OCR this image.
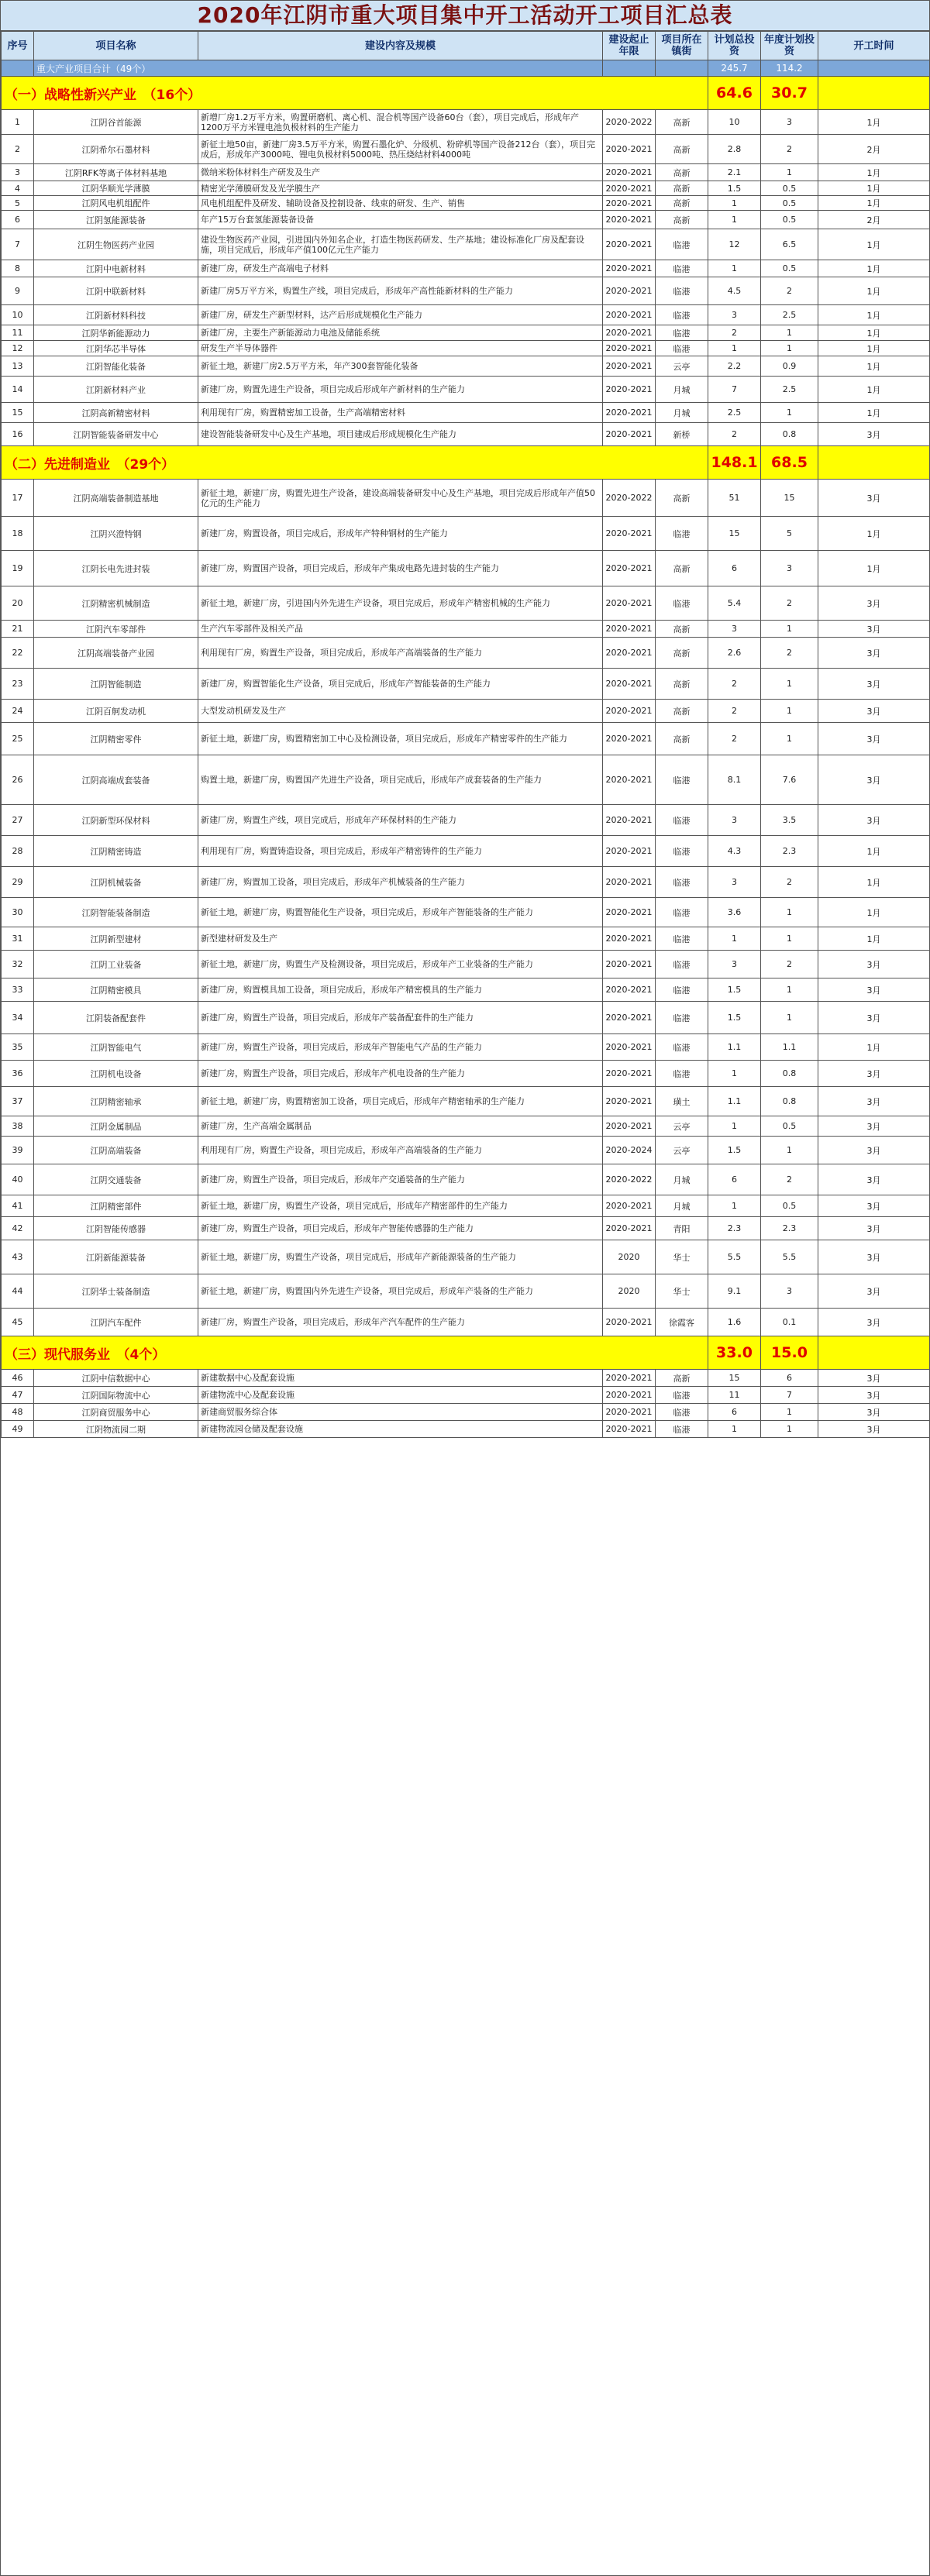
2020年江阴市重大项目集中开工活动开工项目汇总表
序号	项目名称	建设内容及规模	建设起止年限	项目所在镇街	计划总投资	年度计划投资	开工时间
	重大产业项目合计（49个）				245.7	114.2	
（一）战略性新兴产业　（16个）					64.6	30.7	
1	江阴谷首能源	新增厂房1.2万平方米，购置研磨机、离心机、混合机等国产设备60台（套），项目完成后，形成年产1200万平方米锂电池负极材料的生产能力	2020-2022	高新	10	3	1月
2	江阴希尔石墨材料	新征土地50亩，新建厂房3.5万平方米，购置石墨化炉、分级机、粉碎机等国产设备212台（套），项目完成后，形成年产3000吨、锂电负极材料5000吨、热压烧结材料4000吨	2020-2021	高新	2.8	2	2月
3	江阴RFK等离子体材料基地	微纳米粉体材料生产研发及生产	2020-2021	高新	2.1	1	1月
4	江阴华顺光学薄膜	精密光学薄膜研发及光学膜生产	2020-2021	高新	1.5	0.5	1月
5	江阴风电机组配件	风电机组配件及研发、辅助设备及控制设备、线束的研发、生产、销售	2020-2021	高新	1	0.5	1月
6	江阴氢能源装备	年产15万台套氢能源装备设备	2020-2021	高新	1	0.5	2月
7	江阴生物医药产业园	建设生物医药产业园，引进国内外知名企业，打造生物医药研发、生产基地；建设标准化厂房及配套设施，项目完成后，形成年产值100亿元生产能力	2020-2021	临港	12	6.5	1月
8	江阴中电新材料	新建厂房，研发生产高端电子材料	2020-2021	临港	1	0.5	1月
9	江阴中联新材料	新建厂房5万平方米，购置生产线，项目完成后，形成年产高性能新材料的生产能力	2020-2021	临港	4.5	2	1月
10	江阴新材料科技	新建厂房，研发生产新型材料，达产后形成规模化生产能力	2020-2021	临港	3	2.5	1月
11	江阴华新能源动力	新建厂房，主要生产新能源动力电池及储能系统	2020-2021	临港	2	1	1月
12	江阴华芯半导体	研发生产半导体器件	2020-2021	临港	1	1	1月
13	江阴智能化装备	新征土地，新建厂房2.5万平方米，年产300套智能化装备	2020-2021	云亭	2.2	0.9	1月
14	江阴新材料产业	新建厂房，购置先进生产设备，项目完成后形成年产新材料的生产能力	2020-2021	月城	7	2.5	1月
15	江阴高新精密材料	利用现有厂房，购置精密加工设备，生产高端精密材料	2020-2021	月城	2.5	1	1月
16	江阴智能装备研发中心	建设智能装备研发中心及生产基地，项目建成后形成规模化生产能力	2020-2021	新桥	2	0.8	3月
（二）先进制造业　（29个）					148.1	68.5	
17	江阴高端装备制造基地	新征土地，新建厂房，购置先进生产设备，建设高端装备研发中心及生产基地，项目完成后形成年产值50亿元的生产能力	2020-2022	高新	51	15	3月
18	江阴兴澄特钢	新建厂房，购置设备，项目完成后，形成年产特种钢材的生产能力	2020-2021	临港	15	5	1月
19	江阴长电先进封装	新建厂房，购置国产设备，项目完成后，形成年产集成电路先进封装的生产能力	2020-2021	高新	6	3	1月
20	江阴精密机械制造	新征土地，新建厂房，引进国内外先进生产设备，项目完成后，形成年产精密机械的生产能力	2020-2021	临港	5.4	2	3月
21	江阴汽车零部件	生产汽车零部件及相关产品	2020-2021	高新	3	1	3月
22	江阴高端装备产业园	利用现有厂房，购置生产设备，项目完成后，形成年产高端装备的生产能力	2020-2021	高新	2.6	2	3月
23	江阴智能制造	新建厂房，购置智能化生产设备，项目完成后，形成年产智能装备的生产能力	2020-2021	高新	2	1	3月
24	江阴百舸发动机	大型发动机研发及生产	2020-2021	高新	2	1	3月
25	江阴精密零件	新征土地，新建厂房，购置精密加工中心及检测设备，项目完成后，形成年产精密零件的生产能力	2020-2021	高新	2	1	3月
26	江阴高端成套装备	购置土地，新建厂房，购置国产先进生产设备，项目完成后，形成年产成套装备的生产能力	2020-2021	临港	8.1	7.6	3月
27	江阴新型环保材料	新建厂房，购置生产线，项目完成后，形成年产环保材料的生产能力	2020-2021	临港	3	3.5	3月
28	江阴精密铸造	利用现有厂房，购置铸造设备，项目完成后，形成年产精密铸件的生产能力	2020-2021	临港	4.3	2.3	1月
29	江阴机械装备	新建厂房，购置加工设备，项目完成后，形成年产机械装备的生产能力	2020-2021	临港	3	2	1月
30	江阴智能装备制造	新征土地，新建厂房，购置智能化生产设备，项目完成后，形成年产智能装备的生产能力	2020-2021	临港	3.6	1	1月
31	江阴新型建材	新型建材研发及生产	2020-2021	临港	1	1	1月
32	江阴工业装备	新征土地，新建厂房，购置生产及检测设备，项目完成后，形成年产工业装备的生产能力	2020-2021	临港	3	2	3月
33	江阴精密模具	新建厂房，购置模具加工设备，项目完成后，形成年产精密模具的生产能力	2020-2021	临港	1.5	1	3月
34	江阴装备配套件	新建厂房，购置生产设备，项目完成后，形成年产装备配套件的生产能力	2020-2021	临港	1.5	1	3月
35	江阴智能电气	新建厂房，购置生产设备，项目完成后，形成年产智能电气产品的生产能力	2020-2021	临港	1.1	1.1	1月
36	江阴机电设备	新建厂房，购置生产设备，项目完成后，形成年产机电设备的生产能力	2020-2021	临港	1	0.8	3月
37	江阴精密轴承	新征土地，新建厂房，购置精密加工设备，项目完成后，形成年产精密轴承的生产能力	2020-2021	璜土	1.1	0.8	3月
38	江阴金属制品	新建厂房，生产高端金属制品	2020-2021	云亭	1	0.5	3月
39	江阴高端装备	利用现有厂房，购置生产设备，项目完成后，形成年产高端装备的生产能力	2020-2024	云亭	1.5	1	3月
40	江阴交通装备	新建厂房，购置生产设备，项目完成后，形成年产交通装备的生产能力	2020-2022	月城	6	2	3月
41	江阴精密部件	新征土地，新建厂房，购置生产设备，项目完成后，形成年产精密部件的生产能力	2020-2021	月城	1	0.5	3月
42	江阴智能传感器	新建厂房，购置生产设备，项目完成后，形成年产智能传感器的生产能力	2020-2021	青阳	2.3	2.3	3月
43	江阴新能源装备	新征土地，新建厂房，购置生产设备，项目完成后，形成年产新能源装备的生产能力	2020	华士	5.5	5.5	3月
44	江阴华士装备制造	新征土地，新建厂房，购置国内外先进生产设备，项目完成后，形成年产装备的生产能力	2020	华士	9.1	3	3月
45	江阴汽车配件	新建厂房，购置生产设备，项目完成后，形成年产汽车配件的生产能力	2020-2021	徐霞客	1.6	0.1	3月
（三）现代服务业　（4个）					33.0	15.0	
46	江阴中信数据中心	新建数据中心及配套设施	2020-2021	高新	15	6	3月
47	江阴国际物流中心	新建物流中心及配套设施	2020-2021	临港	11	7	3月
48	江阴商贸服务中心	新建商贸服务综合体	2020-2021	临港	6	1	3月
49	江阴物流园二期	新建物流园仓储及配套设施	2020-2021	临港	1	1	3月
